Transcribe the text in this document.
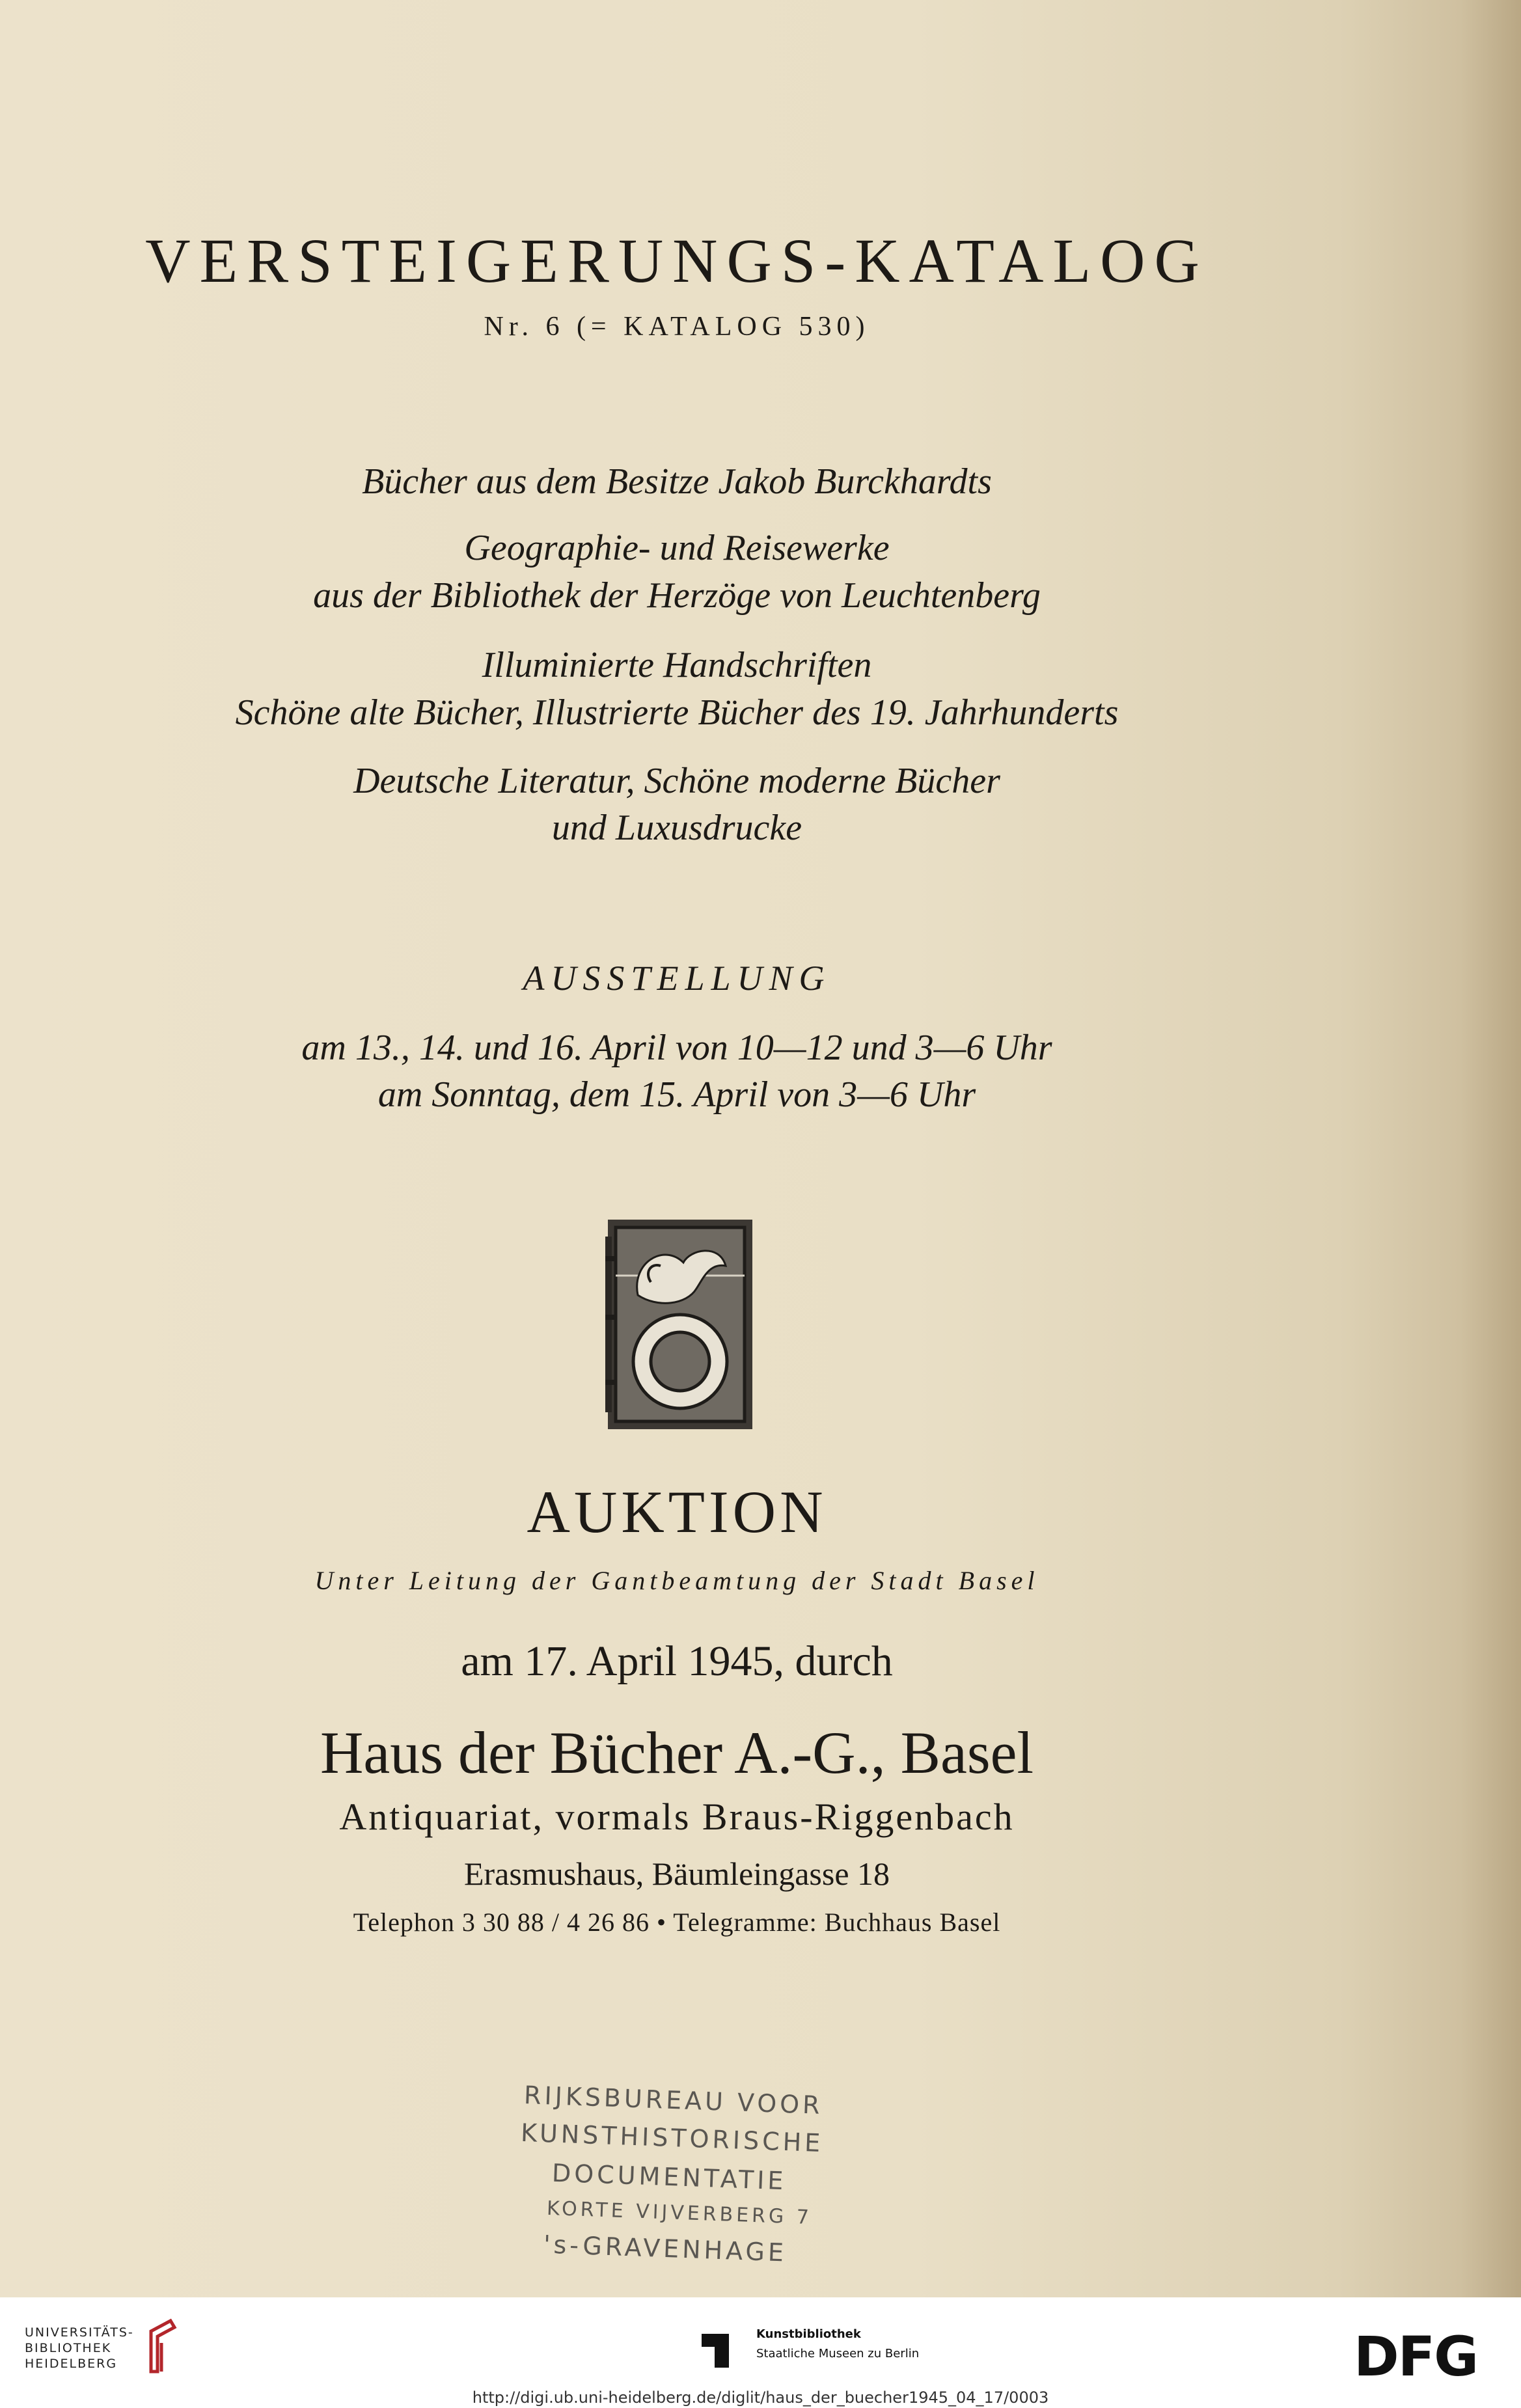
VERSTEIGERUNGS-KATALOG
Nr. 6 (= KATALOG 530)
Bücher aus dem Besitze Jakob Burckhardts
Geographie- und Reisewerke
aus der Bibliothek der Herzöge von Leuchtenberg
Illuminierte Handschriften
Schöne alte Bücher, Illustrierte Bücher des 19. Jahrhunderts
Deutsche Literatur, Schöne moderne Bücher
und Luxusdrucke
AUSSTELLUNG
am 13., 14. und 16. April von 10—12 und 3—6 Uhr
am Sonntag, dem 15. April von 3—6 Uhr
AUKTION
Unter Leitung der Gantbeamtung der Stadt Basel
am 17. April 1945, durch
Haus der Bücher A.-G., Basel
Antiquariat, vormals Braus-Riggenbach
Erasmushaus, Bäumleingasse 18
Telephon 3 30 88 / 4 26 86 • Telegramme: Buchhaus Basel
RIJKSBUREAU VOOR
KUNSTHISTORISCHE
DOCUMENTATIE
KORTE VIJVERBERG 7
's-GRAVENHAGE
UNIVERSITÄTS-
BIBLIOTHEK
HEIDELBERG
Kunstbibliothek
Staatliche Museen zu Berlin	DFG
http://digi.ub.uni-heidelberg.de/diglit/haus_der_buecher1945_04_17/0003
